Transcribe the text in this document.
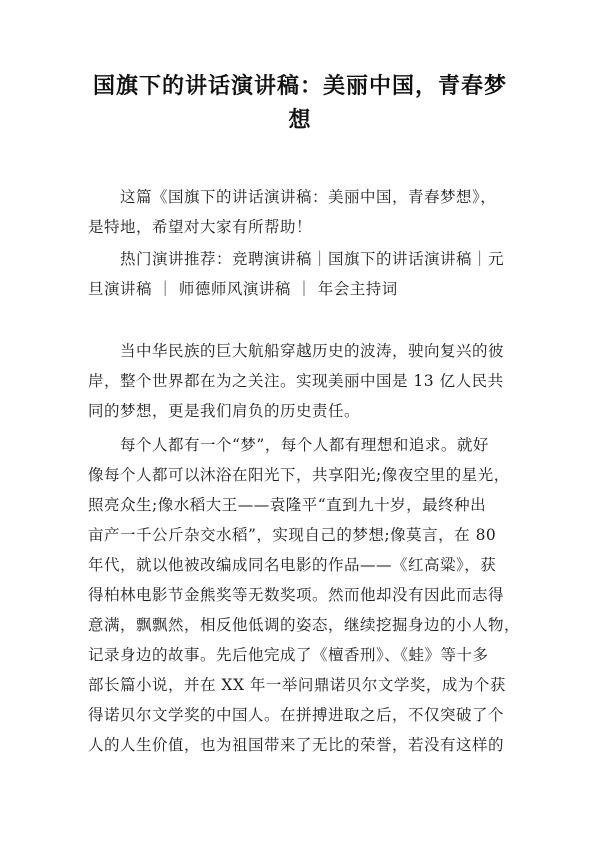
国旗下的讲话演讲稿：美丽中国，青春梦
想
　　这篇《国旗下的讲话演讲稿：美丽中国，青春梦想》，
是特地，希望对大家有所帮助！
　　热门演讲推荐：竞聘演讲稿｜国旗下的讲话演讲稿｜元
旦演讲稿 ｜ 师德师风演讲稿 ｜ 年会主持词
　　当中华民族的巨大航船穿越历史的波涛，驶向复兴的彼
岸，整个世界都在为之关注。实现美丽中国是 13 亿人民共
同的梦想，更是我们肩负的历史责任。
　　每个人都有一个“梦”，每个人都有理想和追求。就好
像每个人都可以沐浴在阳光下，共享阳光;像夜空里的星光，
照亮众生;像水稻大王——袁隆平“直到九十岁，最终种出
亩产一千公斤杂交水稻”，实现自己的梦想;像莫言，在 80
年代，就以他被改编成同名电影的作品——《红高粱》，获
得柏林电影节金熊奖等无数奖项。然而他却没有因此而志得
意满，飘飘然，相反他低调的姿态，继续挖掘身边的小人物，
记录身边的故事。先后他完成了《檀香刑》、《蛙》等十多
部长篇小说，并在 XX 年一举问鼎诺贝尔文学奖，成为个获
得诺贝尔文学奖的中国人。在拼搏进取之后，不仅突破了个
人的人生价值，也为祖国带来了无比的荣誉，若没有这样的
